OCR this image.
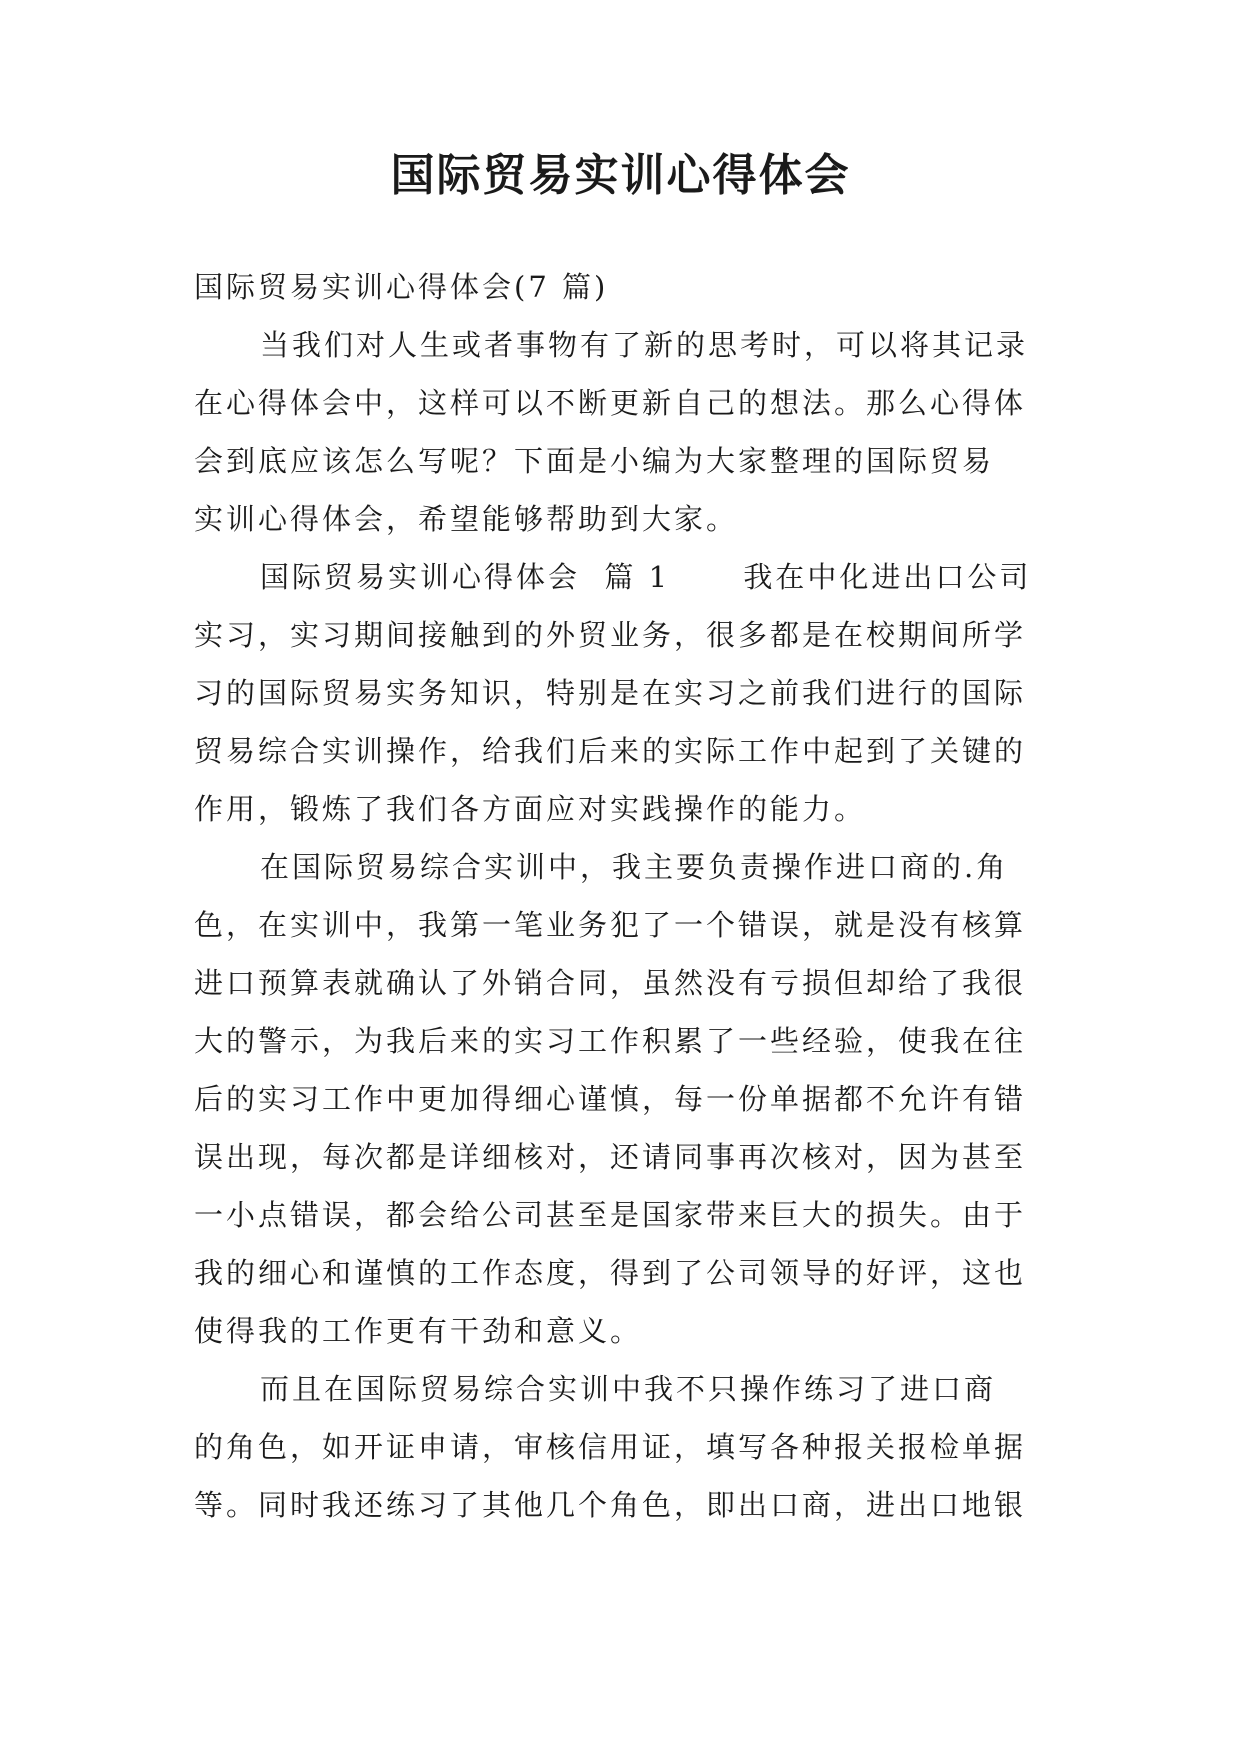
国际贸易实训心得体会

国际贸易实训心得体会(7 篇)

当我们对人生或者事物有了新的思考时，可以将其记录

在心得体会中，这样可以不断更新自己的想法。那么心得体

会到底应该怎么写呢？下面是小编为大家整理的国际贸易

实训心得体会，希望能够帮助到大家。

国际贸易实训心得体会  篇 1      我在中化进出口公司

实习，实习期间接触到的外贸业务，很多都是在校期间所学

习的国际贸易实务知识，特别是在实习之前我们进行的国际

贸易综合实训操作，给我们后来的实际工作中起到了关键的

作用，锻炼了我们各方面应对实践操作的能力。

在国际贸易综合实训中，我主要负责操作进口商的.角

色，在实训中，我第一笔业务犯了一个错误，就是没有核算

进口预算表就确认了外销合同，虽然没有亏损但却给了我很

大的警示，为我后来的实习工作积累了一些经验，使我在往

后的实习工作中更加得细心谨慎，每一份单据都不允许有错

误出现，每次都是详细核对，还请同事再次核对，因为甚至

一小点错误，都会给公司甚至是国家带来巨大的损失。由于

我的细心和谨慎的工作态度，得到了公司领导的好评，这也

使得我的工作更有干劲和意义。

而且在国际贸易综合实训中我不只操作练习了进口商

的角色，如开证申请，审核信用证，填写各种报关报检单据

等。同时我还练习了其他几个角色，即出口商，进出口地银
